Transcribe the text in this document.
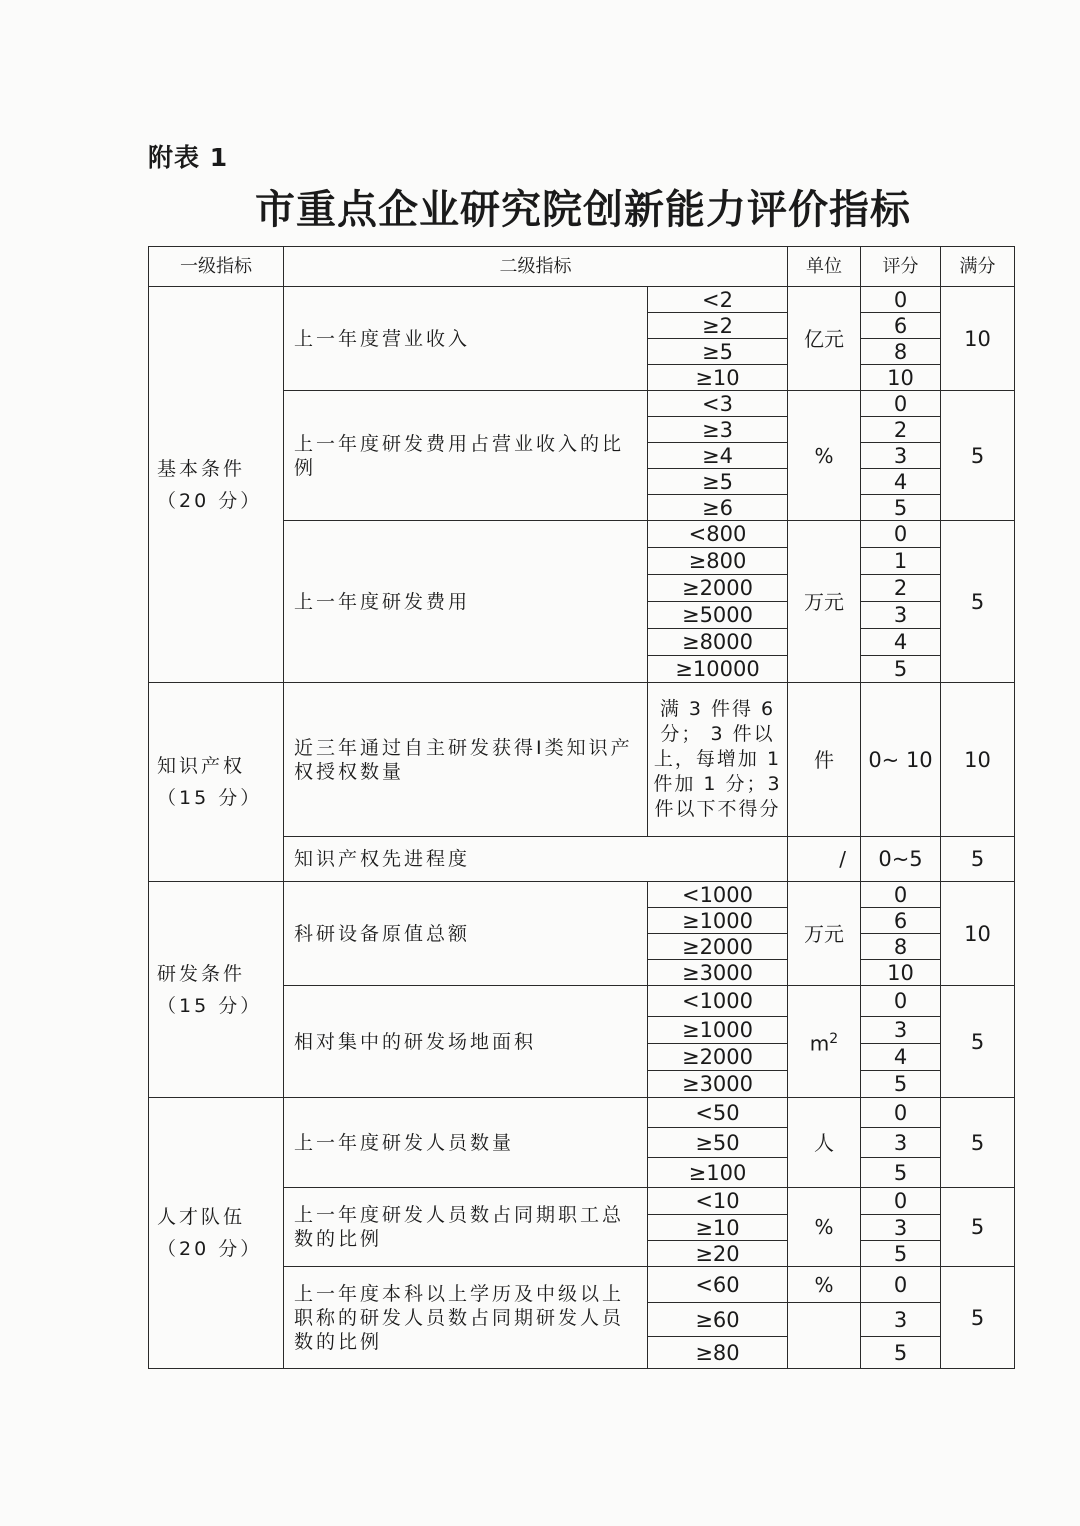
附表 1
市重点企业研究院创新能力评价指标
一级指标	二级指标		单位	评分	满分

基本条件
（20 分）	上一年度营业收入	<2	亿元	0	10
		≥2		6	
		≥5		8	
		≥10		10	
	上一年度研发费用占营业收入的比例	<3	%	0	5
		≥3		2	
		≥4		3	
		≥5		4	
		≥6		5	
	上一年度研发费用	<800	万元	0	5
		≥800		1	
		≥2000		2	
		≥5000		3	
		≥8000		4	
		≥10000		5	

知识产权
（15 分）	近三年通过自主研发获得Ⅰ类知识产权授权数量	满 3 件得 6 分； 3 件以上，每增加 1 件加 1 分；3 件以下不得分	件	0~ 10	10
	知识产权先进程度		/	0~5	5

研发条件
（15 分）	科研设备原值总额	<1000	万元	0	10
		≥1000		6	
		≥2000		8	
		≥3000		10	
	相对集中的研发场地面积	<1000	$m^2$	0	5
		≥1000		3	
		≥2000		4	
		≥3000		5	

人才队伍
（20 分）	上一年度研发人员数量	<50	人	0	5
		≥50		3	
		≥100		5	
	上一年度研发人员数占同期职工总数的比例	<10	%	0	5
		≥10		3	
		≥20		5	
	上一年度本科以上学历及中级以上职称的研发人员数占同期研发人员数的比例	<60	%	0	5
		≥60		3	
		≥80		5	
